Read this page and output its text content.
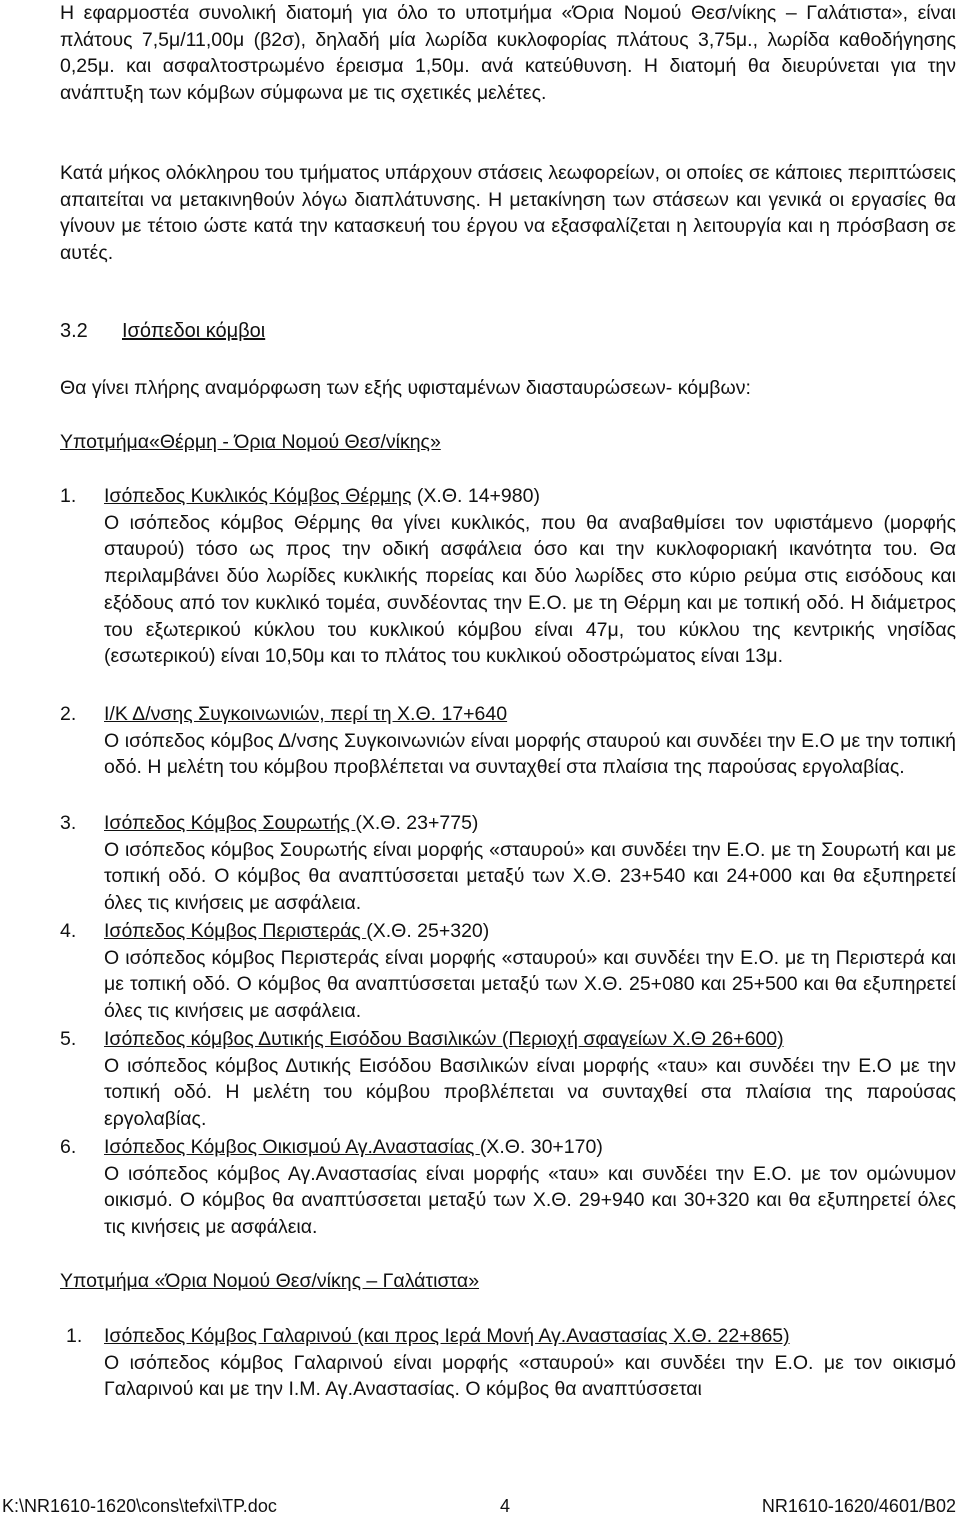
Η εφαρμοστέα συνολική διατομή για όλο το υποτμήμα «Όρια Νομού Θεσ/νίκης – Γαλάτιστα», είναι πλάτους 7,5μ/11,00μ (β2σ), δηλαδή μία λωρίδα κυκλοφορίας πλάτους 3,75μ., λωρίδα καθοδήγησης 0,25μ. και ασφαλτοστρωμένο έρεισμα 1,50μ. ανά κατεύθυνση. Η διατομή θα διευρύνεται για την ανάπτυξη των κόμβων σύμφωνα με τις σχετικές μελέτες.
Κατά μήκος ολόκληρου του τμήματος υπάρχουν στάσεις λεωφορείων, οι οποίες σε κάποιες περιπτώσεις απαιτείται να μετακινηθούν λόγω διαπλάτυνσης. Η μετακίνηση των στάσεων και γενικά οι εργασίες θα γίνουν με τέτοιο ώστε κατά την κατασκευή του έργου να εξασφαλίζεται η λειτουργία και η πρόσβαση σε αυτές.
3.2 Ισόπεδοι κόμβοι
Θα γίνει πλήρης αναμόρφωση των εξής υφισταμένων διασταυρώσεων- κόμβων:
Υποτμήμα«Θέρμη - Όρια Νομού Θεσ/νίκης»
1. Ισόπεδος Κυκλικός Κόμβος Θέρμης (Χ.Θ. 14+980)
Ο ισόπεδος κόμβος Θέρμης θα γίνει κυκλικός, που θα αναβαθμίσει τον υφιστάμενο (μορφής σταυρού) τόσο ως προς την οδική ασφάλεια όσο και την κυκλοφοριακή ικανότητα του. Θα περιλαμβάνει δύο λωρίδες κυκλικής πορείας και δύο λωρίδες στο κύριο ρεύμα στις εισόδους και εξόδους από τον κυκλικό τομέα, συνδέοντας την Ε.Ο. με τη Θέρμη και με τοπική οδό. Η διάμετρος του εξωτερικού κύκλου του κυκλικού κόμβου είναι 47μ, του κύκλου της κεντρικής νησίδας (εσωτερικού) είναι 10,50μ και το πλάτος του κυκλικού οδοστρώματος είναι 13μ.
2. Ι/Κ Δ/νσης Συγκοινωνιών, περί τη Χ.Θ. 17+640
Ο ισόπεδος κόμβος Δ/νσης Συγκοινωνιών είναι μορφής σταυρού και συνδέει την Ε.Ο με την τοπική οδό. Η μελέτη του κόμβου προβλέπεται να συνταχθεί στα πλαίσια της παρούσας εργολαβίας.
3. Ισόπεδος Κόμβος Σουρωτής (Χ.Θ. 23+775)
Ο ισόπεδος κόμβος Σουρωτής είναι μορφής «σταυρού» και συνδέει την Ε.Ο. με τη Σουρωτή και με τοπική οδό. Ο κόμβος θα αναπτύσσεται μεταξύ των Χ.Θ. 23+540 και 24+000 και θα εξυπηρετεί όλες τις κινήσεις με ασφάλεια.
4. Ισόπεδος Κόμβος Περιστεράς (Χ.Θ. 25+320)
Ο ισόπεδος κόμβος Περιστεράς είναι μορφής «σταυρού» και συνδέει την Ε.Ο. με τη Περιστερά και με τοπική οδό. Ο κόμβος θα αναπτύσσεται μεταξύ των Χ.Θ. 25+080 και 25+500 και θα εξυπηρετεί όλες τις κινήσεις με ασφάλεια.
5. Ισόπεδος κόμβος Δυτικής Εισόδου Βασιλικών (Περιοχή σφαγείων Χ.Θ 26+600)
Ο ισόπεδος κόμβος Δυτικής Εισόδου Βασιλικών είναι μορφής «ταυ» και συνδέει την Ε.Ο με την τοπική οδό. Η μελέτη του κόμβου προβλέπεται να συνταχθεί στα πλαίσια της παρούσας εργολαβίας.
6. Ισόπεδος Κόμβος Οικισμού Αγ.Αναστασίας (Χ.Θ. 30+170)
Ο ισόπεδος κόμβος Αγ.Αναστασίας είναι μορφής «ταυ» και συνδέει την Ε.Ο. με τον ομώνυμον οικισμό. Ο κόμβος θα αναπτύσσεται μεταξύ των Χ.Θ. 29+940 και 30+320 και θα εξυπηρετεί όλες τις κινήσεις με ασφάλεια.
Υποτμήμα «Όρια Νομού Θεσ/νίκης – Γαλάτιστα»
1. Ισόπεδος Κόμβος Γαλαρινού (και προς Ιερά Μονή Αγ.Αναστασίας Χ.Θ. 22+865)
Ο ισόπεδος κόμβος Γαλαρινού είναι μορφής «σταυρού» και συνδέει την Ε.Ο. με τον οικισμό Γαλαρινού και με την Ι.Μ. Αγ.Αναστασίας. Ο κόμβος θα αναπτύσσεται
K:\NR1610-1620\cons\tefxi\TP.doc	4	NR1610-1620/4601/B02
